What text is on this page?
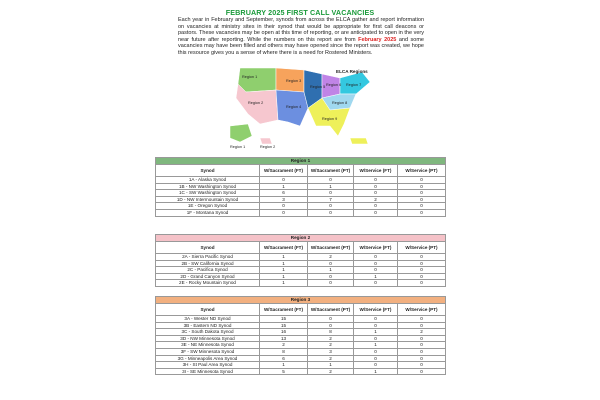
FEBRUARY 2025 FIRST CALL VACANCIES
Each year in February and September, synods from across the ELCA gather and report information on vacancies at ministry sites in their synod that would be appropriate for first call deacons or pastors. These vacancies may be open at this time of reporting, or are anticipated to open in the very near future after reporting. While the numbers on this report are from February 2025 and some vacancies may have been filled and others may have opened since the report was created, we hope this resource gives you a sense of where there is a need for Rostered Ministers.
ELCA Regions
Region 1
Region 2
Region 3
Region 4
Region 5 Region 6 Region 7
Region 8
Region 9
Region 2
Region 1
Region 1				
Synod	W/Sacrament (FT)	W/Sacrament (PT)	W/Service (FT)	W/Service (PT)
1A - Alaska Synod	0	0	0	0
1B - NW Washington Synod	1	1	0	0
1C - SW Washington Synod	6	0	0	0
1D - NW Intermountain Synod	3	7	2	0
1E - Oregon Synod	0	0	0	0
1F - Montana Synod	0	0	0	0
Region 2				
Synod	W/Sacrament (FT)	W/Sacrament (PT)	W/Service (FT)	W/Service (PT)
2A - Sierra Pacific Synod	1	2	0	0
2B - SW California Synod	1	0	0	0
2C - Pacifica Synod	1	1	0	0
2D - Grand Canyon Synod	1	0	1	0
2E - Rocky Mountain Synod	1	0	0	0
Region 3				
Synod	W/Sacrament (FT)	W/Sacrament (PT)	W/Service (FT)	W/Service (PT)
3A - Wester ND Synod	15	0	0	0
3B - Eastern ND Synod	15	0	0	0
3C - South Dakota Synod	16	8	1	2
3D - NW Minnesota Synod	13	2	0	0
3E - NE Minnesota Synod	2	2	1	0
3F - SW Minnesota Synod	8	3	0	0
3G - Minneapolis Area Synod	6	2	0	0
3H - St Paul Area Synod	1	1	0	0
3I - SE Minnesota Synod	5	2	1	0
